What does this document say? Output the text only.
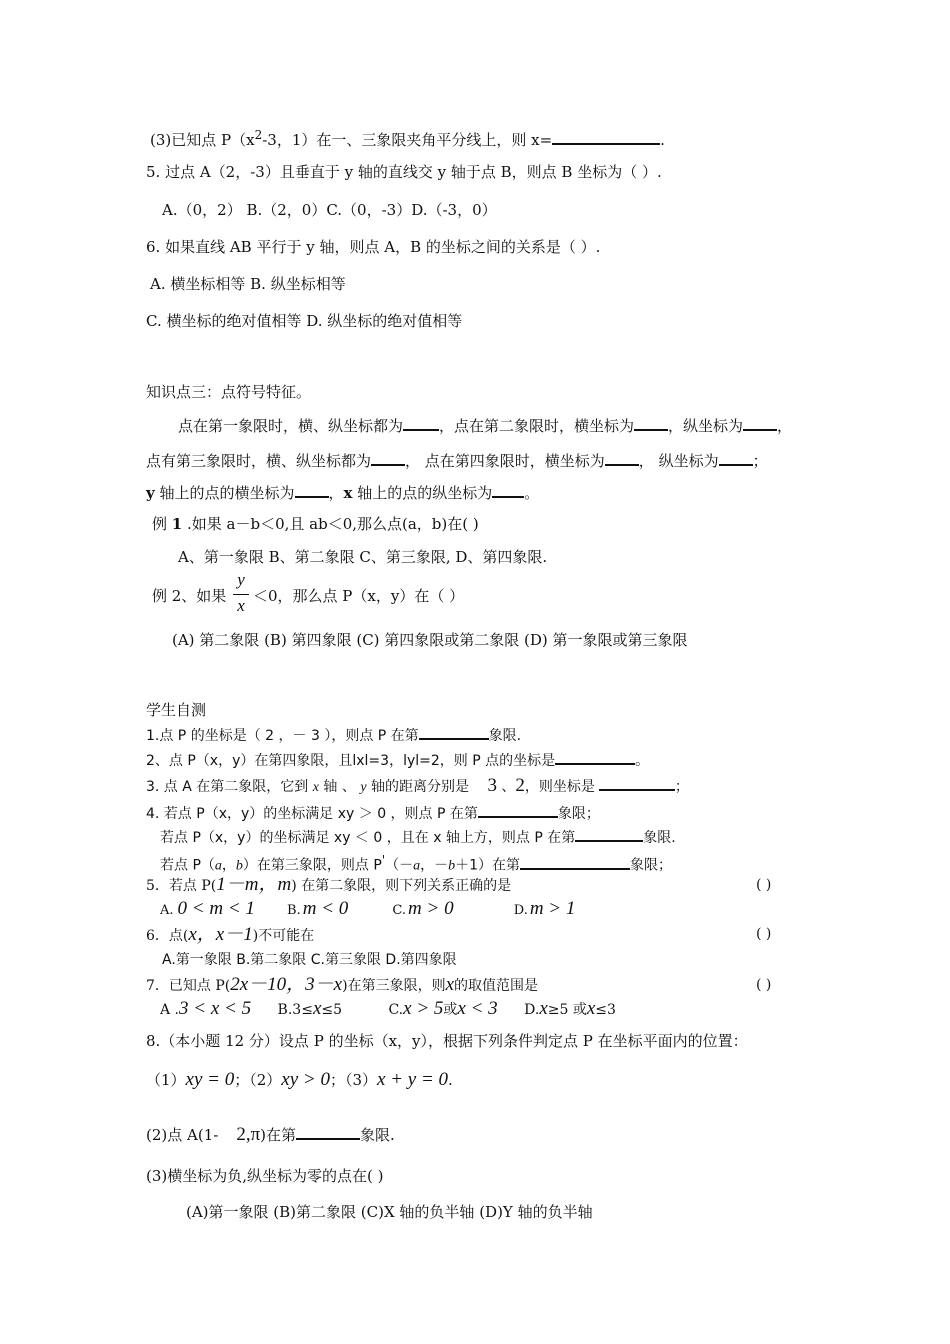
(3)已知点 $P(x^2-3$，1）在一、三象限夹角平分线上，则 x=	.
5. 过点 A（2，-3）且垂直于 y 轴的直线交 y 轴于点 B，则点 B 坐标为（ ）.
A.（0，2） B.（2，0）C.（0，-3）D.（-3，0）
6. 如果直线 AB 平行于 y 轴，则点 A，B 的坐标之间的关系是（ ）.
A. 横坐标相等 B. 纵坐标相等
C. 横坐标的绝对值相等 D. 纵坐标的绝对值相等
知识点三：点符号特征。
点在第一象限时，横、纵坐标都为 ，点在第二象限时，横坐标为 ，纵坐标为 ，
点有第三象限时，横、纵坐标都为 ， 点在第四象限时，横坐标为 ， 纵坐标为 ；
y 轴上的点的横坐标为 ，x 轴上的点的纵坐标为 。
例 1 .如果 a－b＜0,且 ab＜0,那么点(a，b)在( )
A、第一象限 B、第二象限 C、第三象限, D、第四象限.
例 2、如果
y
x ＜0，那么点 P（x，y）在（ ）
(A) 第二象限 (B) 第四象限 (C) 第四象限或第二象限 (D) 第一象限或第三象限
学生自测
1.点 P 的坐标是（ 2 ，－ 3 ），则点 P 在第	象限.
2、点 P（x，y）在第四象限，且lxl=3，lyl=2，则 P 点的坐标是	。
3. 点 A 在第二象限，它到 x 轴 、 y 轴的距离分别是 3 、2，则坐标是	；
4. 若点 P（x，y）的坐标满足 xy ＞ 0 ，则点 P 在第	象限；
若点 P（x，y）的坐标满足 xy ＜ 0 ，且在 x 轴上方，则点 P 在第	象限.
若点 P（a，b）在第三象限，则点 P'（－a，－b＋1）在第	象限；
5．若点 P(1－m，m) 在第二象限，则下列关系正确的是	( )
A. 0 < m < 1 B. m < 0	C. m > 0	D. m > 1
6．点(x，x－1)不可能在	( )
A.第一象限 B.第二象限 C.第三象限 D.第四象限
7．已知点 P(2x－10，3－x)在第三象限，则x的取值范围是	( )
A .3 < x < 5 B.3≤x≤5	C.x > 5或x < 3 D.x≥5 或x≤3
8.（本小题 12 分）设点 P 的坐标（x，y），根据下列条件判定点 P 在坐标平面内的位置：
（1）xy = 0；（2）xy > 0；（3）x + y = 0.
(2)点 A(1- 2,π)在第	象限.
(3)横坐标为负,纵坐标为零的点在( )
(A)第一象限 (B)第二象限 (C)X 轴的负半轴 (D)Y 轴的负半轴
